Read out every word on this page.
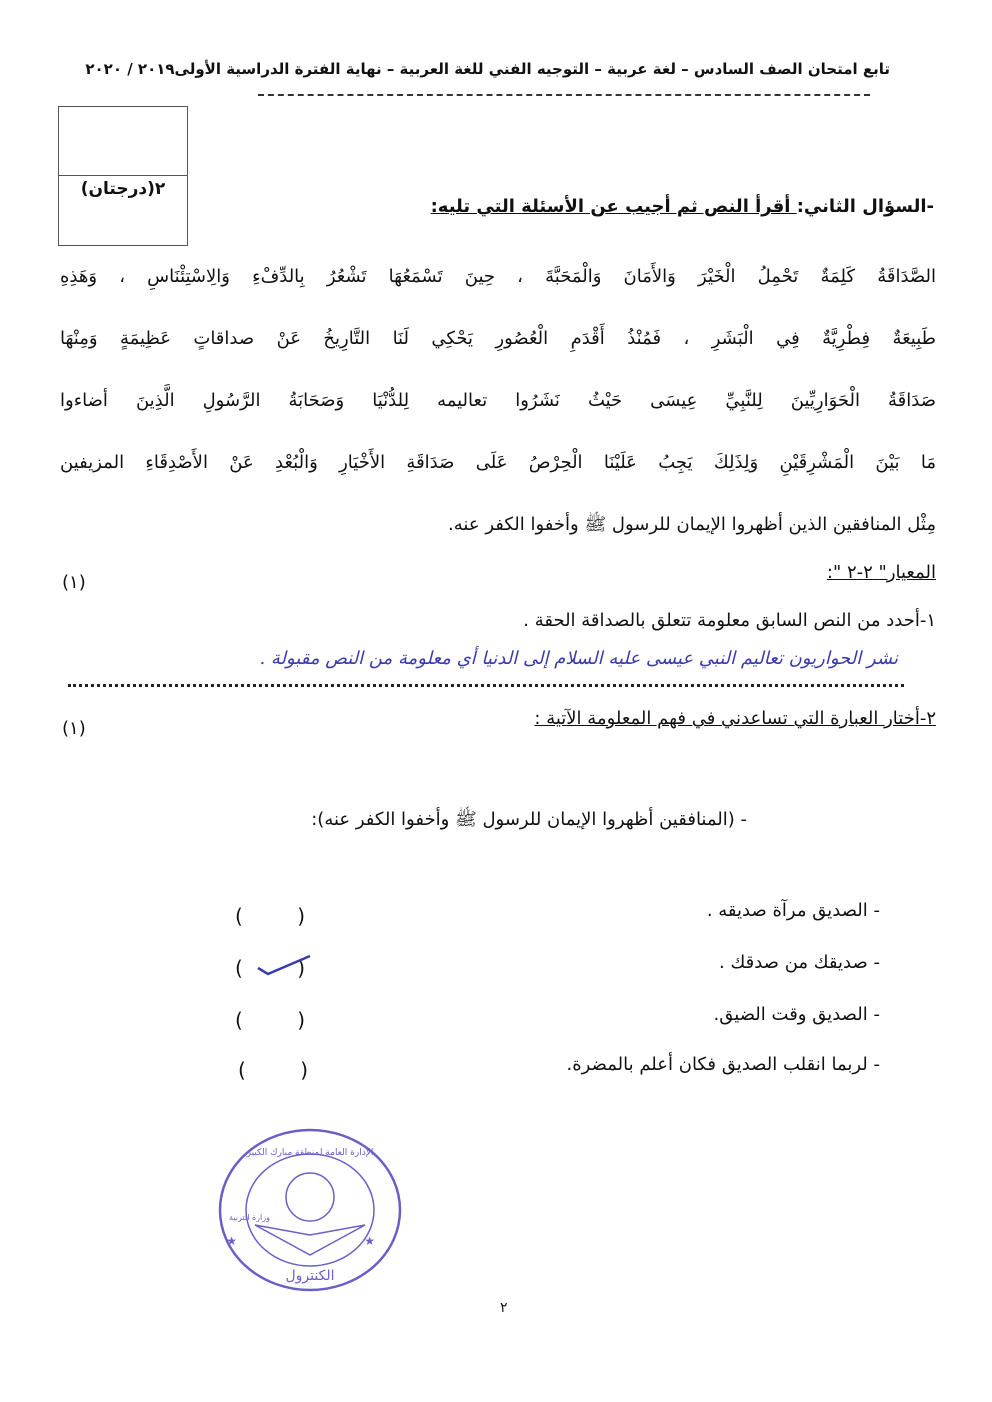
تابع امتحان الصف السادس – لغة عربية – التوجيه الفني للغة العربية – نهاية الفترة الدراسية الأولى٢٠١٩ / ٢٠٢٠
٢(درجتان)
-السؤال الثاني: أقرأ النص ثم أجيب عن الأسئلة التي تليه:

الصَّدَاقَةُ كَلِمَةٌ تَحْمِلُ الْخَيْرَ وَالأَمَانَ وَالْمَحَبَّةَ ، حِينَ تَسْمَعُهَا تَشْعُرُ بِالدِّفْءِ وَالِاسْتِئْنَاسِ ، وَهَذِهِ

طَبِيعَةٌ فِطْرِيَّةٌ فِي الْبَشَرِ ، فَمُنْذُ أَقْدَمِ الْعُصُورِ يَحْكِي لَنَا التَّارِيخُ عَنْ صداقاتٍ عَظِيمَةٍ وَمِنْهَا

صَدَاقَةُ الْحَوَارِيِّينَ لِلنَّبِيِّ عِيسَى حَيْثُ نَشَرُوا تعاليمه لِلدُّنْيَا وَصَحَابَةُ الرَّسُولِ الَّذِينَ أضاءوا

مَا بَيْنَ الْمَشْرِقَيْنِ وَلِذَلِكَ يَجِبُ عَلَيْنَا الْحِرْصُ عَلَى صَدَاقَةِ الأَخْيَارِ وَالْبُعْدِ عَنْ الأَصْدِقَاءِ المزيفين

مِثْل المنافقين الذين أظهروا الإيمان للرسول ﷺ وأخفوا الكفر عنه.

المعيار" ٢-٢ ":
(١)
١-أحدد من النص السابق معلومة تتعلق بالصداقة الحقة .
نشر الحواريون تعاليم النبي عيسى عليه السلام إلى الدنيا أي معلومة من النص مقبولة .
٢-أختار العبارة التي تساعدني في فهم المعلومة الآتية :
(١)
- (المنافقين أظهروا الإيمان للرسول ﷺ وأخفوا الكفر عنه):
- الصديق مرآة صديقه .
(	)
- صديقك من صدقك .
(	)
- الصديق وقت الضيق.
(	)
- لربما انقلب الصديق فكان أعلم بالمضرة.
(	)
★	★
الإدارة العامة لمنطقة مبارك الكبير
وزارة التربية
الكنترول
٢
